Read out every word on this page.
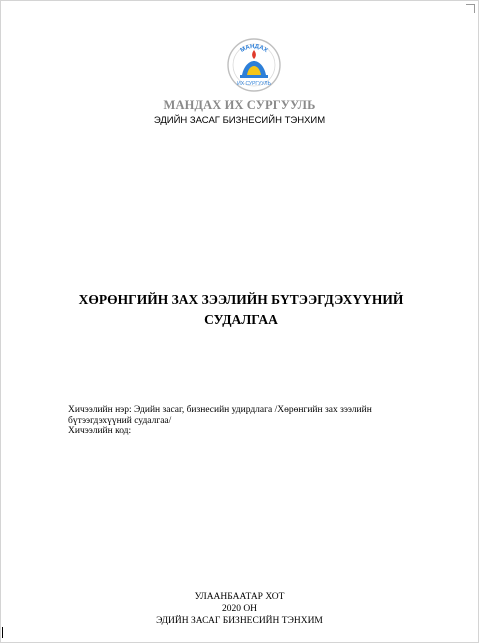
МАНДАХ
ИХ СУРГУУЛЬ
МАНДАХ ИХ СУРГУУЛЬ
ЭДИЙН ЗАСАГ БИЗНЕСИЙН ТЭНХИМ
ХӨРӨНГИЙН ЗАХ ЗЭЭЛИЙН БҮТЭЭГДЭХҮҮНИЙ
СУДАЛГАА
Хичээлийн нэр: Эдийн засаг, бизнесийн удирдлага /Хөрөнгийн зах зээлийн
бүтээгдэхүүний судалгаа/
Хичээлийн код:
УЛААНБААТАР ХОТ
2020 ОН
ЭДИЙН ЗАСАГ БИЗНЕСИЙН ТЭНХИМ
